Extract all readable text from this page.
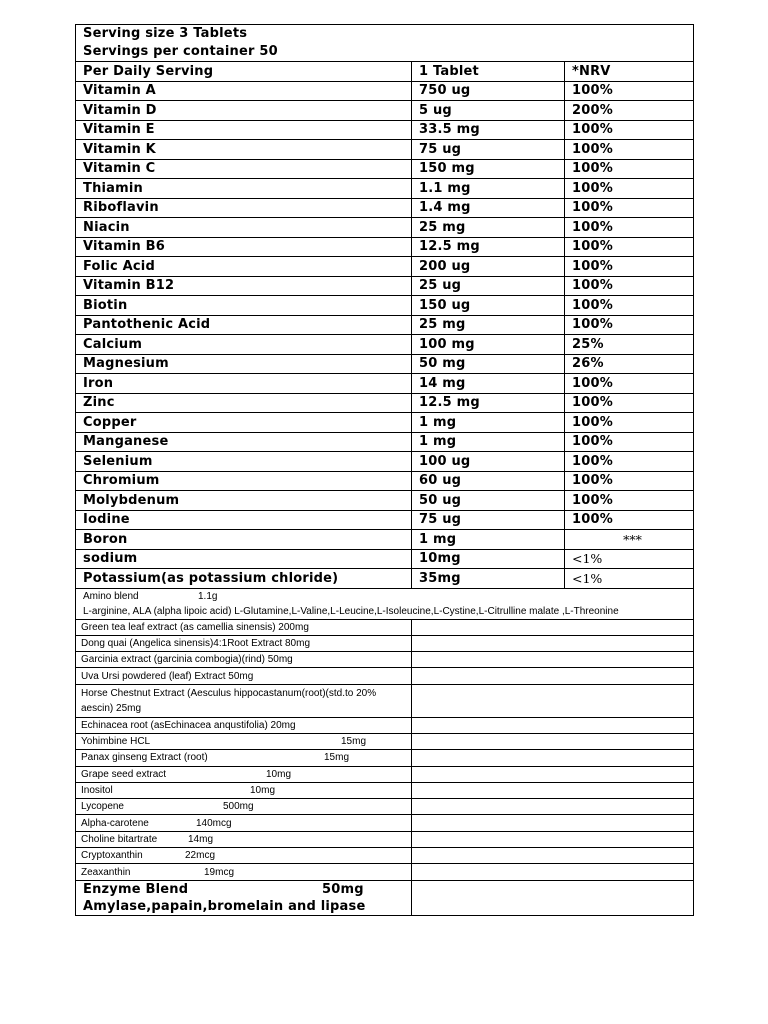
Serving size 3 Tablets
Servings per container 50		

Per Daily Serving	1 Tablet	*NRV
Vitamin A	750 ug	100%
Vitamin D	5 ug	200%
Vitamin E	33.5 mg	100%
Vitamin K	75 ug	100%
Vitamin C	150 mg	100%
Thiamin	1.1 mg	100%
Riboflavin	1.4 mg	100%
Niacin	25 mg	100%
Vitamin B6	12.5 mg	100%
Folic Acid	200 ug	100%
Vitamin B12	25 ug	100%
Biotin	150 ug	100%
Pantothenic Acid	25 mg	100%
Calcium	100 mg	25%
Magnesium	50 mg	26%
Iron	14 mg	100%
Zinc	12.5 mg	100%
Copper	1 mg	100%
Manganese	1 mg	100%
Selenium	100 ug	100%
Chromium	60 ug	100%
Molybdenum	50 ug	100%
Iodine	75 ug	100%
Boron	1 mg	***
sodium	10mg	<1%
Potassium(as potassium chloride)	35mg	<1%

Amino blend 1.1g
L-arginine, ALA (alpha lipoic acid) L-Glutamine,L-Valine,L-Leucine,L-Isoleucine,L-Cystine,L-Citrulline malate ,L-Threonine		

Green tea leaf extract (as camellia sinensis) 200mg		
Dong quai (Angelica sinensis)4:1Root Extract 80mg		
Garcinia extract (garcinia combogia)(rind) 50mg		
Uva Ursi powdered (leaf) Extract 50mg		
Horse Chestnut Extract (Aesculus hippocastanum(root)(std.to 20% aescin) 25mg		
Echinacea root (asEchinacea anqustifolia) 20mg		
Yohimbine HCL 15mg		

Panax ginseng Extract (root) 15mg		

Grape seed extract 10mg		

Inositol 10mg		

Lycopene 500mg		

Alpha-carotene 140mcg		

Choline bitartrate 14mg		

Cryptoxanthin 22mcg		

Zeaxanthin 19mcg		

Enzyme Blend 50mg
Amylase,papain,bromelain and lipase		
